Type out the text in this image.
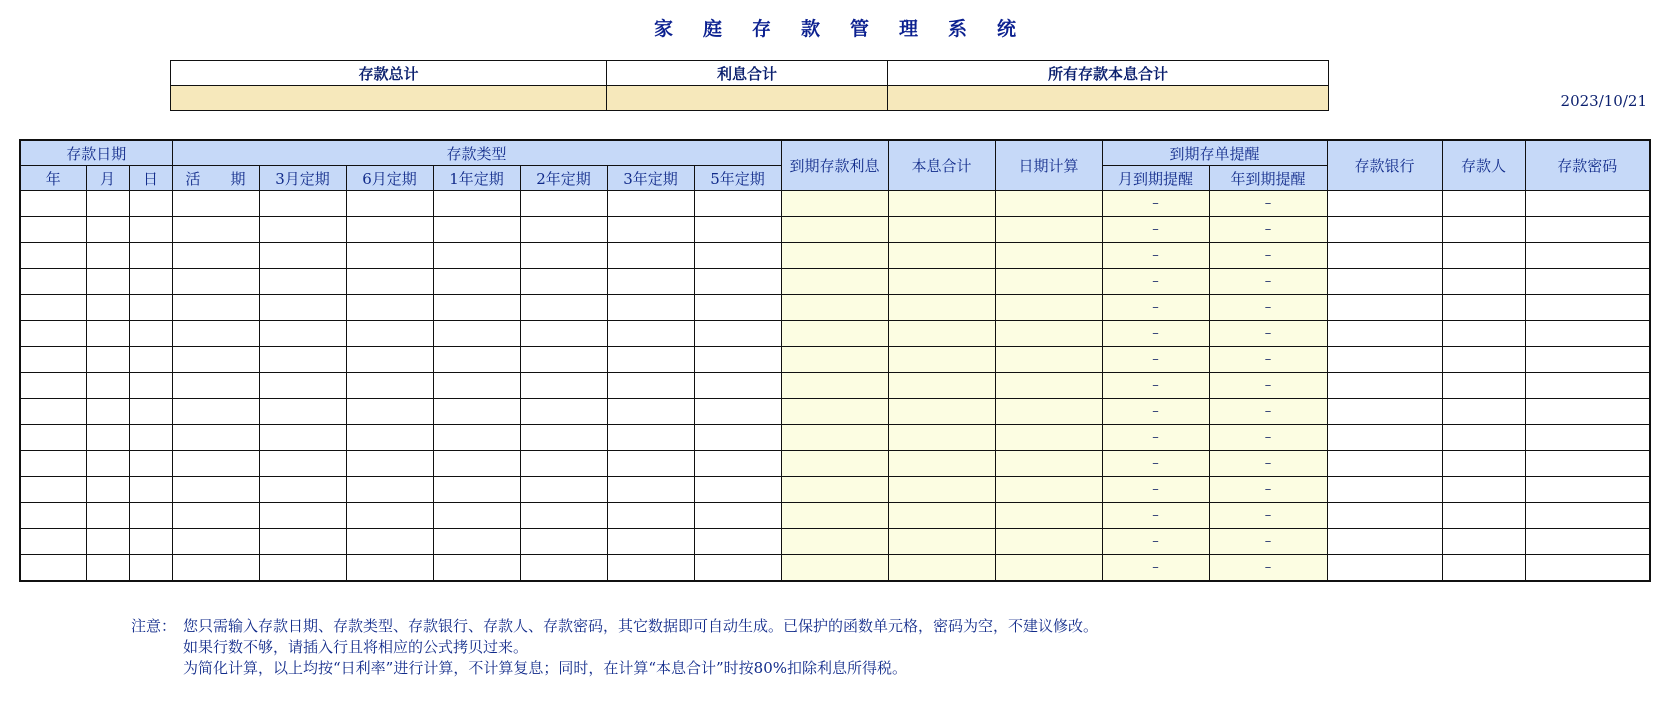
家 庭 存 款 管 理 系 统
存款总计	利息合计	所有存款本息合计

2023/10/21
存款日期			存款类型							到期存款利息	本息合计	日期计算	到期存单提醒		存款银行	存款人	存款密码
年	月	日	活　　期	3月定期	6月定期	1年定期	2年定期	3年定期	5年定期				月到期提醒	年到期提醒			
													–	–			
													–	–			
													–	–			
													–	–			
													–	–			
													–	–			
													–	–			
													–	–			
													–	–			
													–	–			
													–	–			
													–	–			
													–	–			
													–	–			
													–	–			
注意： 您只需输入存款日期、存款类型、存款银行、存款人、存款密码，其它数据即可自动生成。已保护的函数单元格，密码为空，不建议修改。
如果行数不够，请插入行且将相应的公式拷贝过来。
为简化计算，以上均按“日利率”进行计算，不计算复息；同时，在计算“本息合计”时按80%扣除利息所得税。
